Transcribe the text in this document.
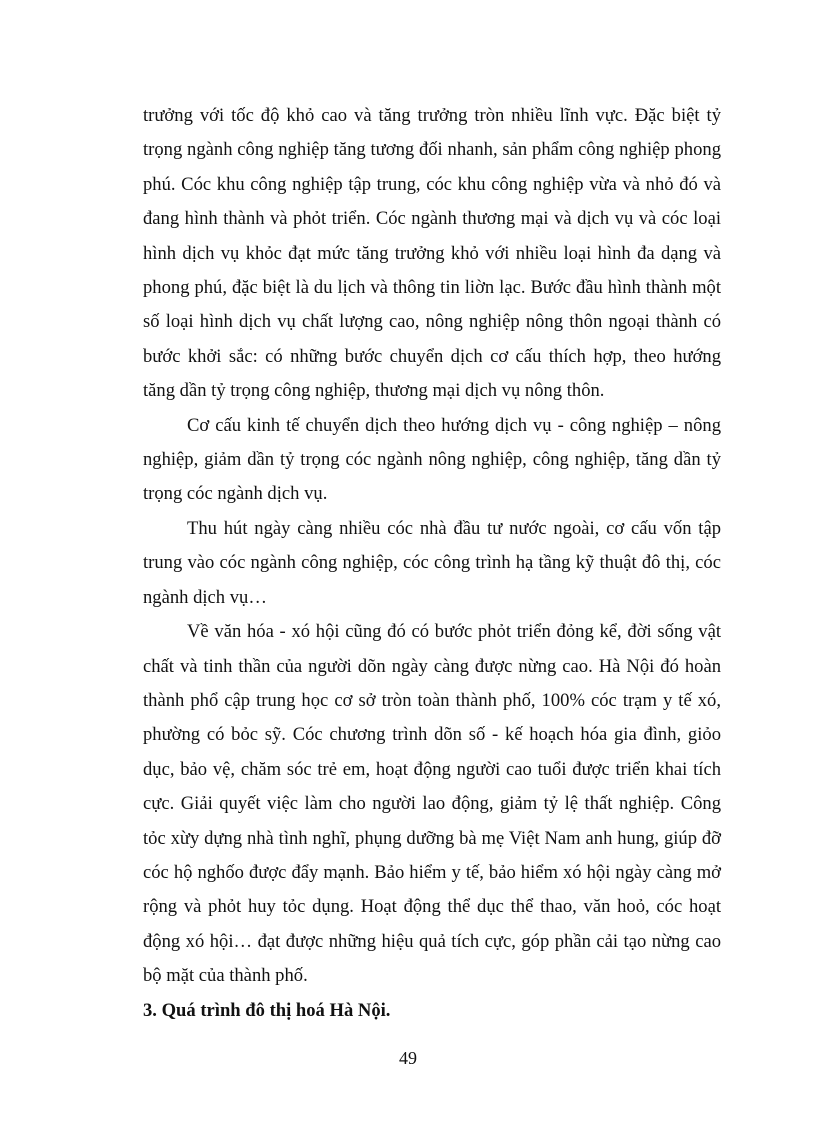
trưởng với tốc độ khỏ cao và tăng trưởng tròn nhiều lĩnh vực. Đặc biệt tỷ trọng ngành công nghiệp tăng tương đối nhanh, sản phẩm công nghiệp phong phú. Cóc khu công nghiệp tập trung, cóc khu công nghiệp vừa và nhỏ đó và đang hình thành và phỏt triển. Cóc ngành thương mại và dịch vụ và cóc loại hình dịch vụ khỏc đạt mức tăng trưởng khỏ với nhiều loại hình đa dạng và phong phú, đặc biệt là du lịch và thông tin liờn lạc. Bước đầu hình thành một số loại hình dịch vụ chất lượng cao, nông nghiệp nông thôn ngoại thành có bước khởi sắc: có những bước chuyển dịch cơ cấu thích hợp, theo hướng tăng dần tỷ trọng công nghiệp, thương mại dịch vụ nông thôn.

Cơ cấu kinh tế chuyển dịch theo hướng dịch vụ - công nghiệp – nông nghiệp, giảm dần tỷ trọng cóc ngành nông nghiệp, công nghiệp, tăng dần tỷ trọng cóc ngành dịch vụ.

Thu hút ngày càng nhiều cóc nhà đầu tư nước ngoài, cơ cấu vốn tập trung vào cóc ngành công nghiệp, cóc công trình hạ tầng kỹ thuật đô thị, cóc ngành dịch vụ…

Về văn hóa - xó hội cũng đó có bước phỏt triển đỏng kể, đời sống vật chất và tinh thần của người dõn ngày càng được nừng cao. Hà Nội đó hoàn thành phổ cập trung học cơ sở tròn toàn thành phố, 100% cóc trạm y tế xó, phường có bỏc sỹ. Cóc chương trình dõn số - kế hoạch hóa gia đình, giỏo dục, bảo vệ, chăm sóc trẻ em, hoạt động người cao tuổi được triển khai tích cực. Giải quyết việc làm cho người lao động, giảm tỷ lệ thất nghiệp. Công tỏc xừy dựng nhà tình nghĩ, phụng dưỡng bà mẹ Việt Nam anh hung, giúp đỡ cóc hộ nghốo được đẩy mạnh. Bảo hiểm y tế, bảo hiểm xó hội ngày càng mở rộng và phỏt huy tỏc dụng. Hoạt động thể dục thể thao, văn hoỏ, cóc hoạt động xó hội… đạt được những hiệu quả tích cực, góp phần cải tạo nừng cao bộ mặt của thành phố.

3. Quá trình đô thị hoá Hà Nội.

49
